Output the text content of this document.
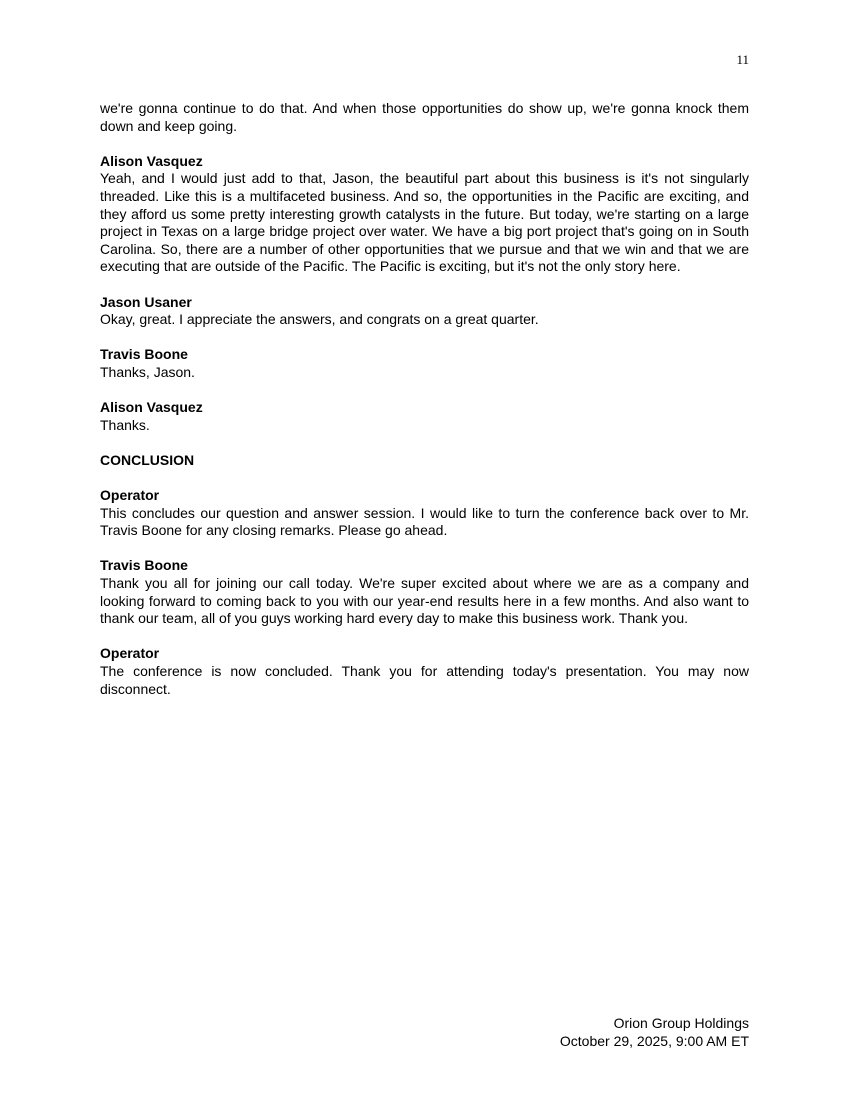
11

we're gonna continue to do that. And when those opportunities do show up, we're gonna knock them down and keep going.

Alison Vasquez

Yeah, and I would just add to that, Jason, the beautiful part about this business is it's not singularly threaded. Like this is a multifaceted business. And so, the opportunities in the Pacific are exciting, and they afford us some pretty interesting growth catalysts in the future. But today, we're starting on a large project in Texas on a large bridge project over water. We have a big port project that's going on in South Carolina. So, there are a number of other opportunities that we pursue and that we win and that we are executing that are outside of the Pacific. The Pacific is exciting, but it's not the only story here.

Jason Usaner

Okay, great. I appreciate the answers, and congrats on a great quarter.

Travis Boone

Thanks, Jason.

Alison Vasquez

Thanks.

CONCLUSION

Operator

This concludes our question and answer session. I would like to turn the conference back over to Mr. Travis Boone for any closing remarks. Please go ahead.

Travis Boone

Thank you all for joining our call today. We're super excited about where we are as a company and looking forward to coming back to you with our year-end results here in a few months. And also want to thank our team, all of you guys working hard every day to make this business work. Thank you.

Operator

The conference is now concluded. Thank you for attending today's presentation. You may now disconnect.

Orion Group Holdings
October 29, 2025, 9:00 AM ET
